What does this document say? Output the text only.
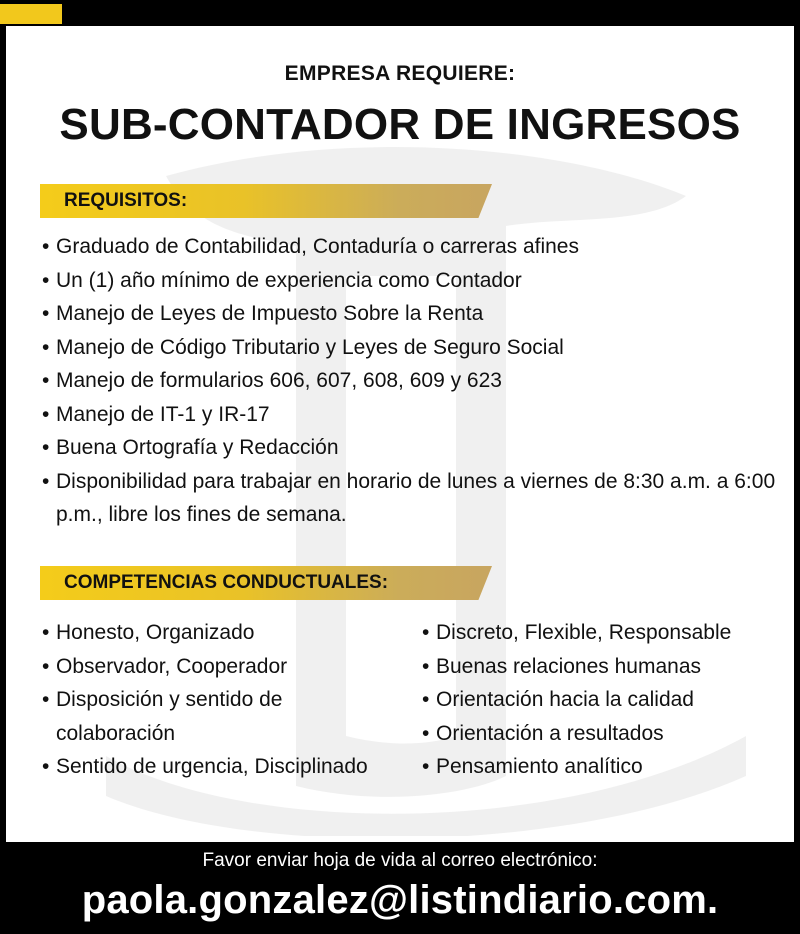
EMPRESA REQUIERE:
SUB-CONTADOR DE INGRESOS
REQUISITOS:
• Graduado de Contabilidad, Contaduría o carreras afines
• Un (1) año mínimo de experiencia como Contador
• Manejo de Leyes de Impuesto Sobre la Renta
• Manejo de Código Tributario y Leyes de Seguro Social
• Manejo de formularios 606, 607, 608, 609 y 623
• Manejo de IT-1 y IR-17
• Buena Ortografía y Redacción
• Disponibilidad para trabajar en horario de lunes a viernes de 8:30 a.m. a 6:00 p.m., libre los fines de semana.
COMPETENCIAS CONDUCTUALES:
• Honesto, Organizado
• Observador, Cooperador
• Disposición y sentido de colaboración
• Sentido de urgencia, Disciplinado
• Discreto, Flexible, Responsable
• Buenas relaciones humanas
• Orientación hacia la calidad
• Orientación a resultados
• Pensamiento analítico
Favor enviar hoja de vida al correo electrónico:
paola.gonzalez@listindiario.com.
